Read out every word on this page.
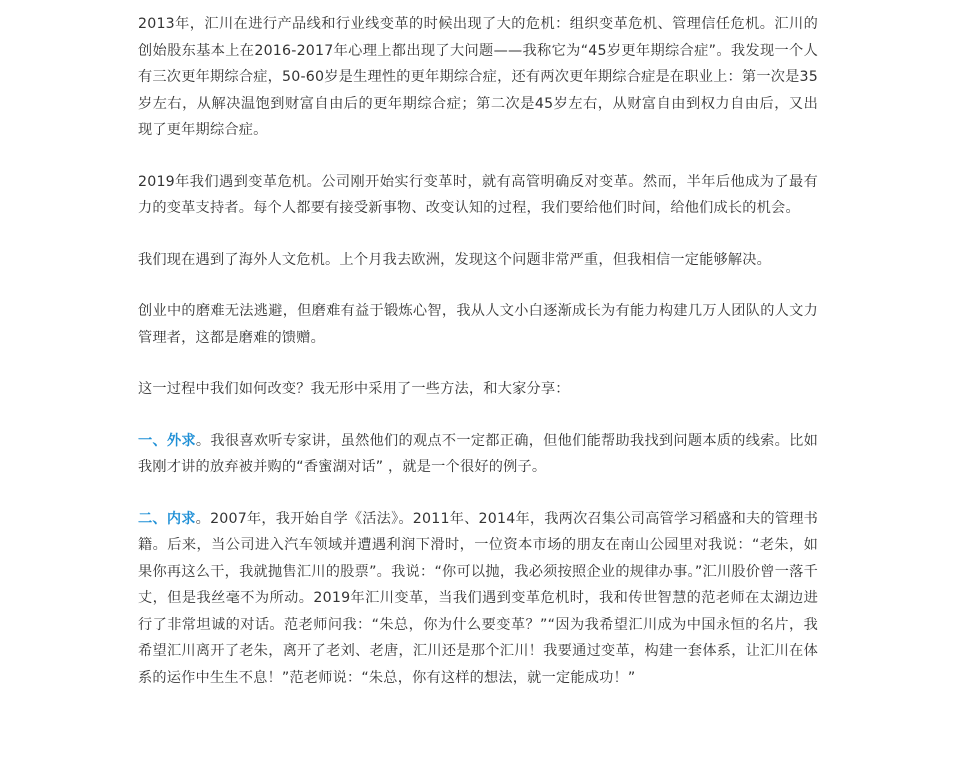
2013年，汇川在进行产品线和行业线变革的时候出现了大的危机：组织变革危机、管理信任危机。汇川的创始股东基本上在2016-2017年心理上都出现了大问题——我称它为“45岁更年期综合症”。我发现一个人有三次更年期综合症，50-60岁是生理性的更年期综合症，还有两次更年期综合症是在职业上：第一次是35岁左右，从解决温饱到财富自由后的更年期综合症；第二次是45岁左右，从财富自由到权力自由后，又出现了更年期综合症。

2019年我们遇到变革危机。公司刚开始实行变革时，就有高管明确反对变革。然而，半年后他成为了最有力的变革支持者。每个人都要有接受新事物、改变认知的过程，我们要给他们时间，给他们成长的机会。

我们现在遇到了海外人文危机。上个月我去欧洲，发现这个问题非常严重，但我相信一定能够解决。

创业中的磨难无法逃避，但磨难有益于锻炼心智，我从人文小白逐渐成长为有能力构建几万人团队的人文力管理者，这都是磨难的馈赠。

这一过程中我们如何改变？我无形中采用了一些方法，和大家分享：

一、外求。我很喜欢听专家讲，虽然他们的观点不一定都正确，但他们能帮助我找到问题本质的线索。比如我刚才讲的放弃被并购的“香蜜湖对话” ，就是一个很好的例子。

二、内求。2007年，我开始自学《活法》。2011年、2014年，我两次召集公司高管学习稻盛和夫的管理书籍。后来，当公司进入汽车领域并遭遇利润下滑时，一位资本市场的朋友在南山公园里对我说：“老朱，如果你再这么干，我就抛售汇川的股票”。我说：“你可以抛，我必须按照企业的规律办事。”汇川股价曾一落千丈，但是我丝毫不为所动。2019年汇川变革，当我们遇到变革危机时，我和传世智慧的范老师在太湖边进行了非常坦诚的对话。范老师问我：“朱总，你为什么要变革？”“因为我希望汇川成为中国永恒的名片，我希望汇川离开了老朱，离开了老刘、老唐，汇川还是那个汇川！我要通过变革，构建一套体系，让汇川在体系的运作中生生不息！”范老师说：“朱总，你有这样的想法，就一定能成功！”
